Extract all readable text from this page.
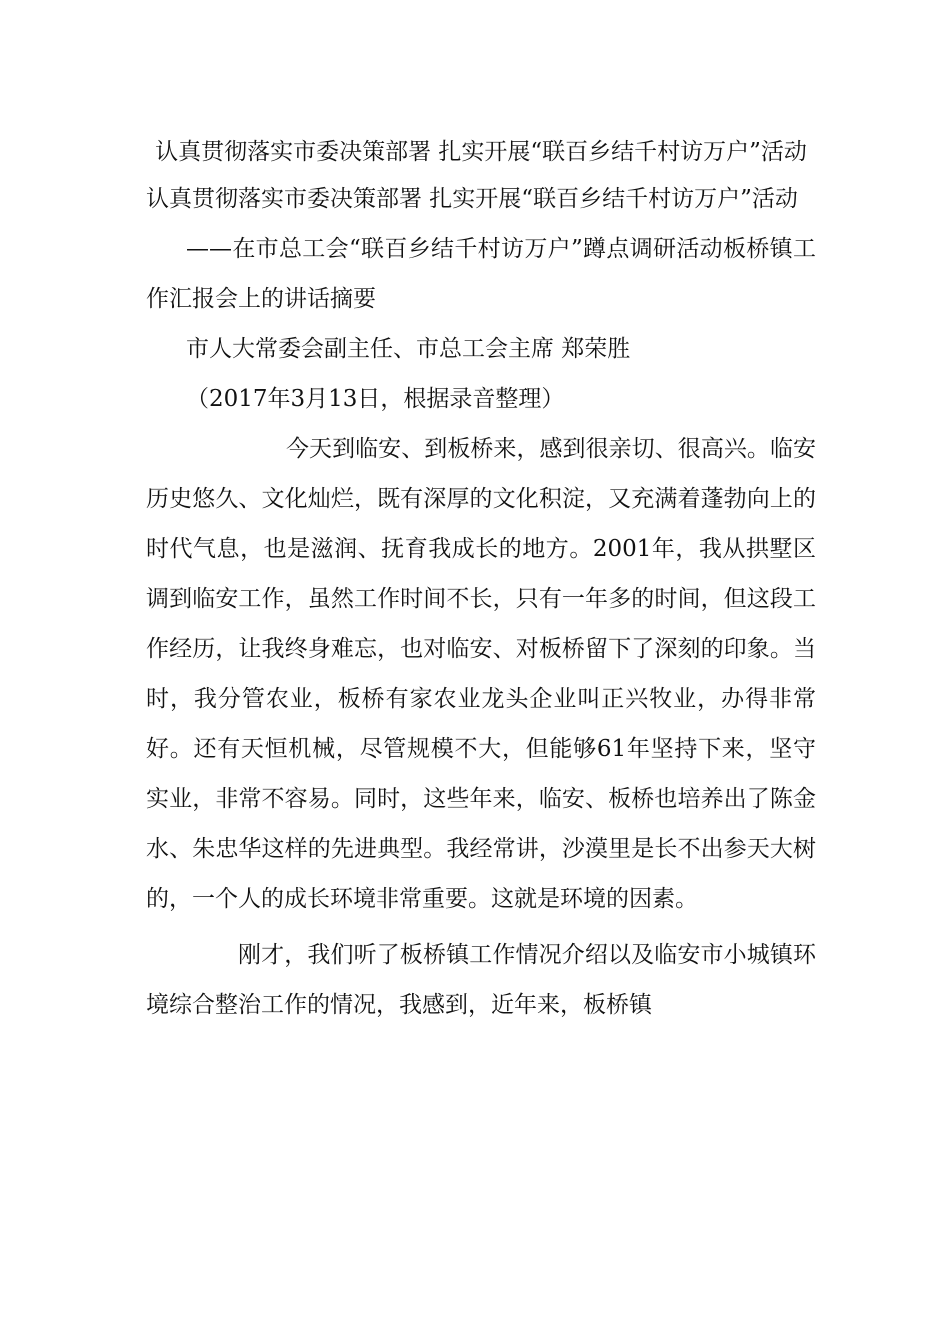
认真贯彻落实市委决策部署 扎实开展“联百乡结千村访万户”活动

认真贯彻落实市委决策部署 扎实开展“联百乡结千村访万户”活动

——在市总工会“联百乡结千村访万户”蹲点调研活动板桥镇工作汇报会上的讲话摘要

市人大常委会副主任、市总工会主席 郑荣胜

（2017年3月13日，根据录音整理）

今天到临安、到板桥来，感到很亲切、很高兴。临安历史悠久、文化灿烂，既有深厚的文化积淀，又充满着蓬勃向上的时代气息，也是滋润、抚育我成长的地方。2001年，我从拱墅区调到临安工作，虽然工作时间不长，只有一年多的时间，但这段工作经历，让我终身难忘，也对临安、对板桥留下了深刻的印象。当时，我分管农业，板桥有家农业龙头企业叫正兴牧业，办得非常好。还有天恒机械，尽管规模不大，但能够61年坚持下来，坚守实业，非常不容易。同时，这些年来，临安、板桥也培养出了陈金水、朱忠华这样的先进典型。我经常讲，沙漠里是长不出参天大树的，一个人的成长环境非常重要。这就是环境的因素。

刚才，我们听了板桥镇工作情况介绍以及临安市小城镇环境综合整治工作的情况，我感到，近年来，板桥镇
